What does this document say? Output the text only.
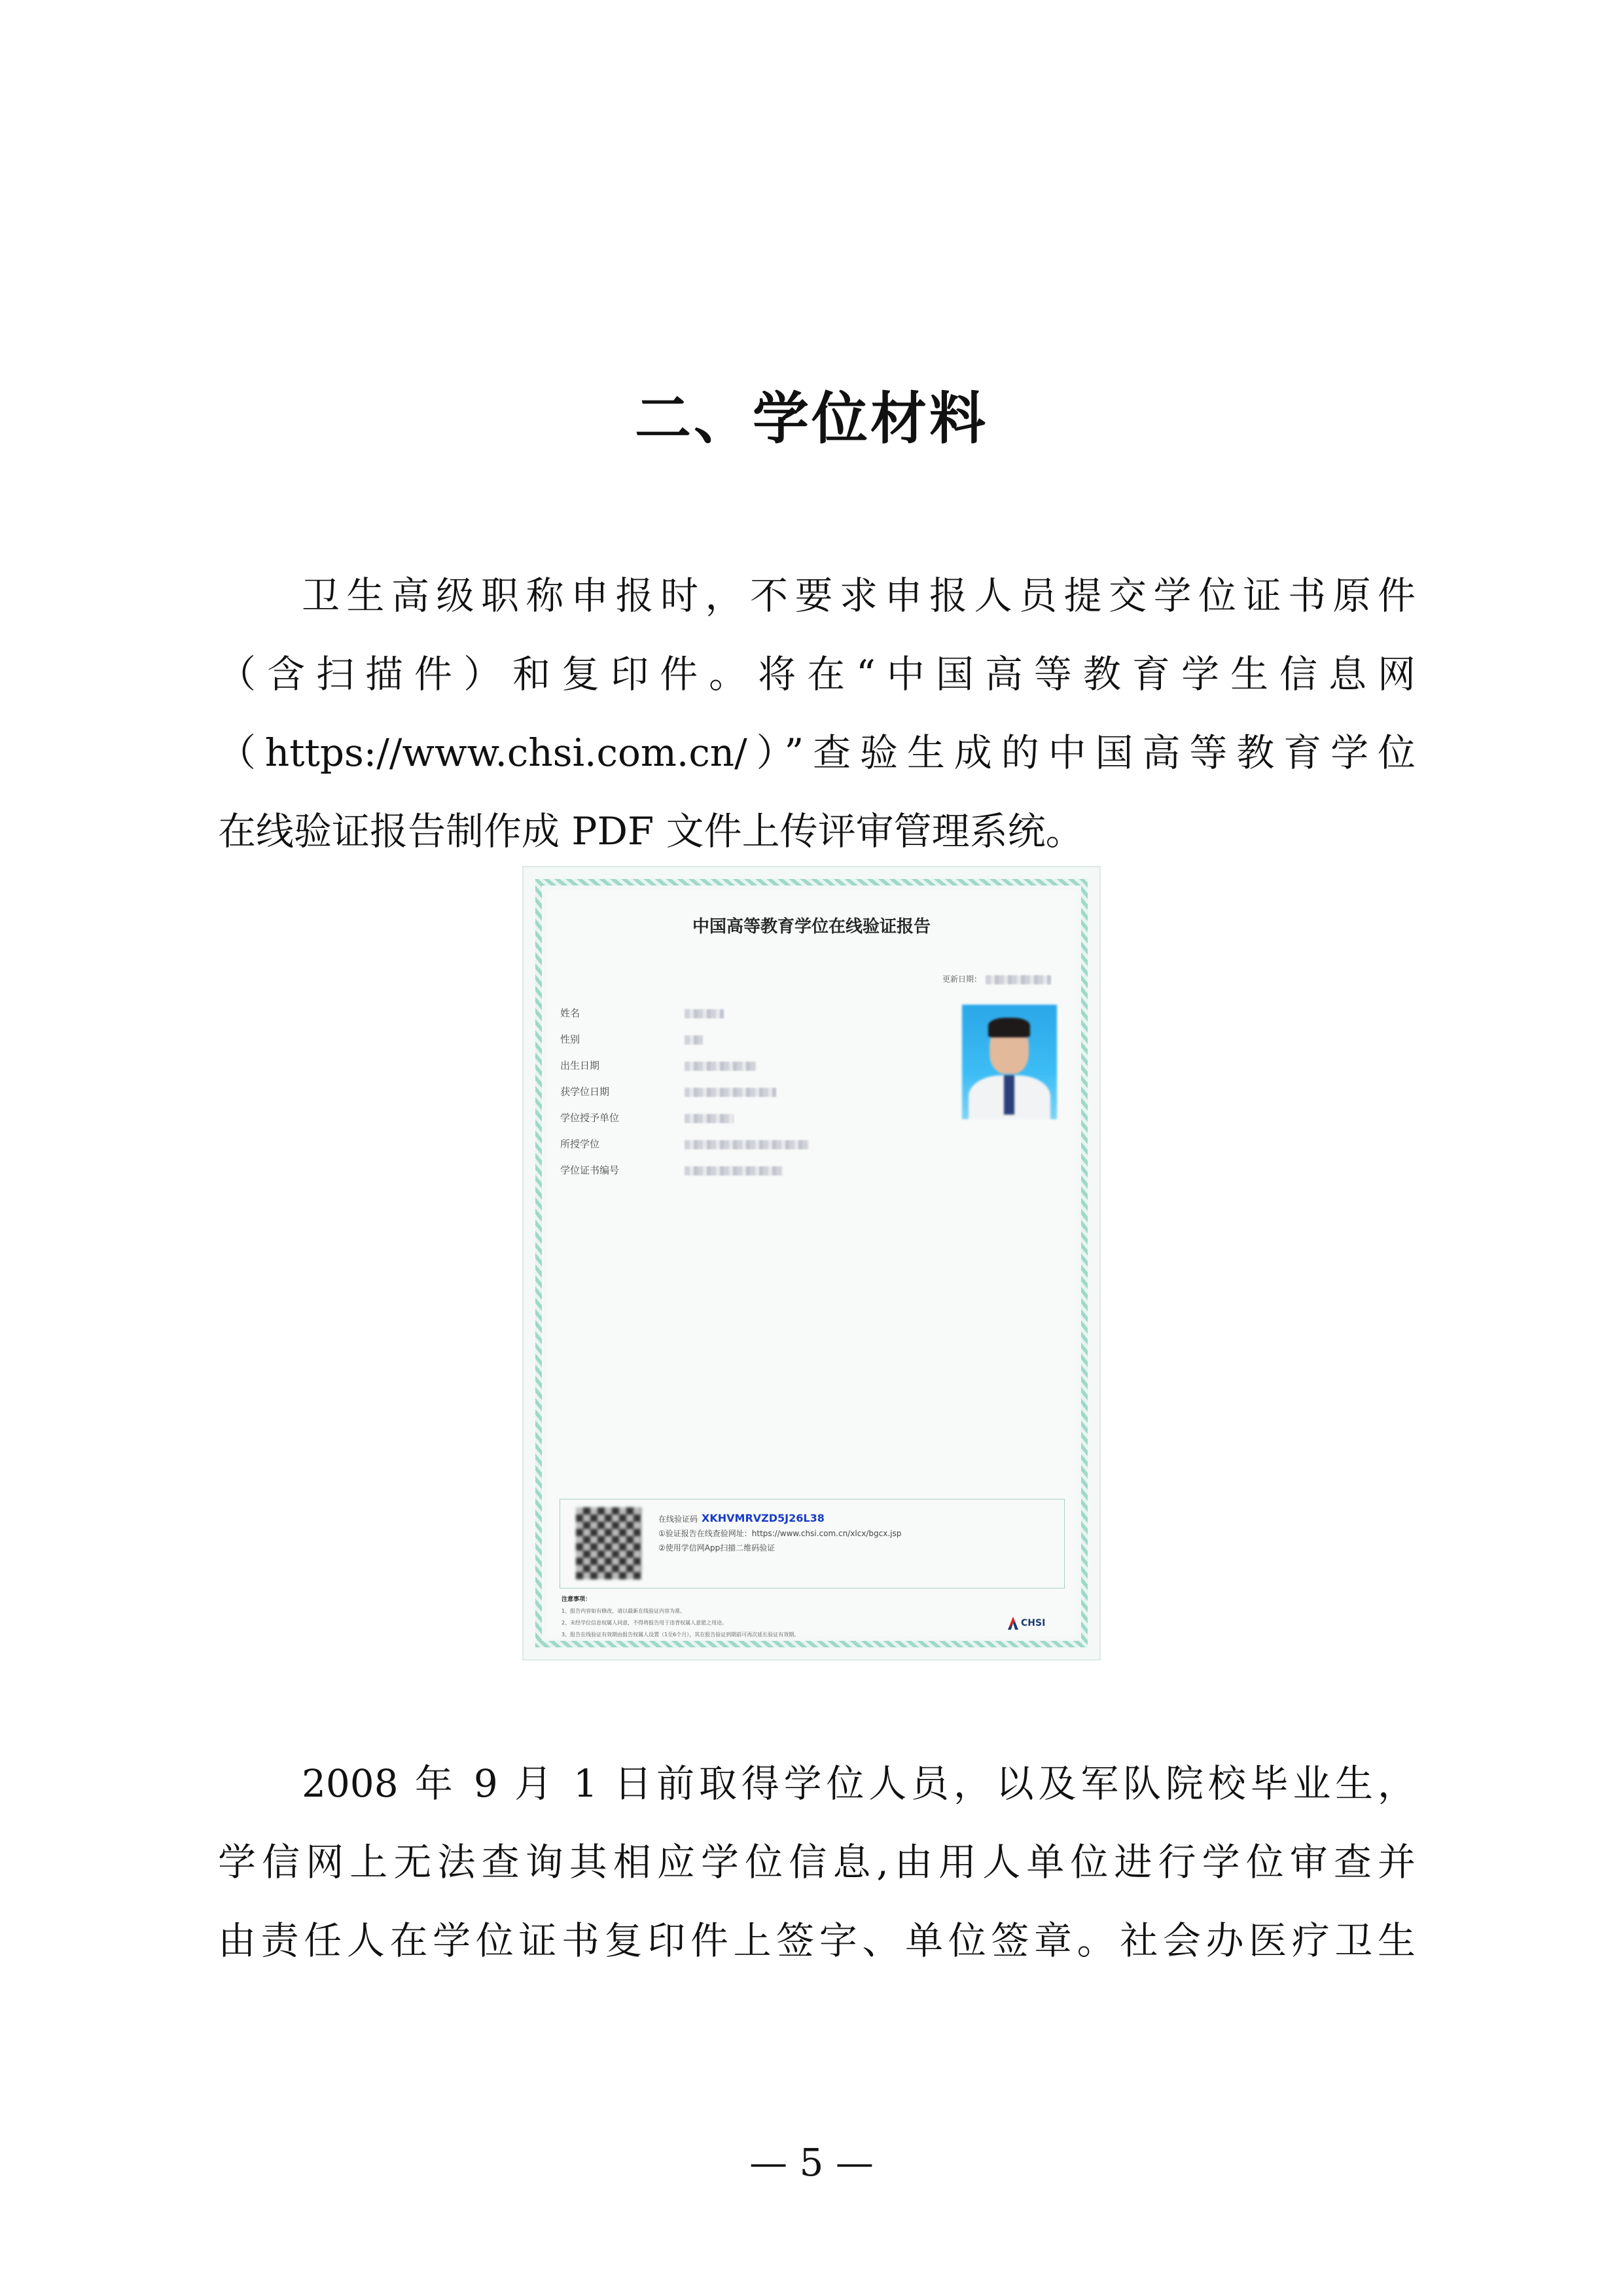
二、学位材料
卫生高级职称申报时，不要求申报人员提交学位证书原件
（含扫描件）和复印件。将在“中国高等教育学生信息网
（https://www.chsi.com.cn/）”查验生成的中国高等教育学位
在线验证报告制作成 PDF 文件上传评审管理系统。
中国高等教育学位在线验证报告
更新日期：
姓名
性别
出生日期
获学位日期
学位授予单位
所授学位
学位证书编号
在线验证码 XKHVMRVZD5J26L38
①验证报告在线查验网址：https://www.chsi.com.cn/xlcx/bgcx.jsp
②使用学信网App扫描二维码验证
注意事项：
1、报告内容如有修改，请以最新在线验证内容为准。
2、未经学位信息权属人同意，不得将报告用于违背权属人意愿之用途。
3、报告在线验证有效期由报告权属人设置（1至6个月），其在报告验证到期前可再次延长验证有效期。
CHSI
2008 年 9 月 1 日前取得学位人员，以及军队院校毕业生，
学信网上无法查询其相应学位信息,由用人单位进行学位审查并
由责任人在学位证书复印件上签字、单位签章。社会办医疗卫生
— 5 —
